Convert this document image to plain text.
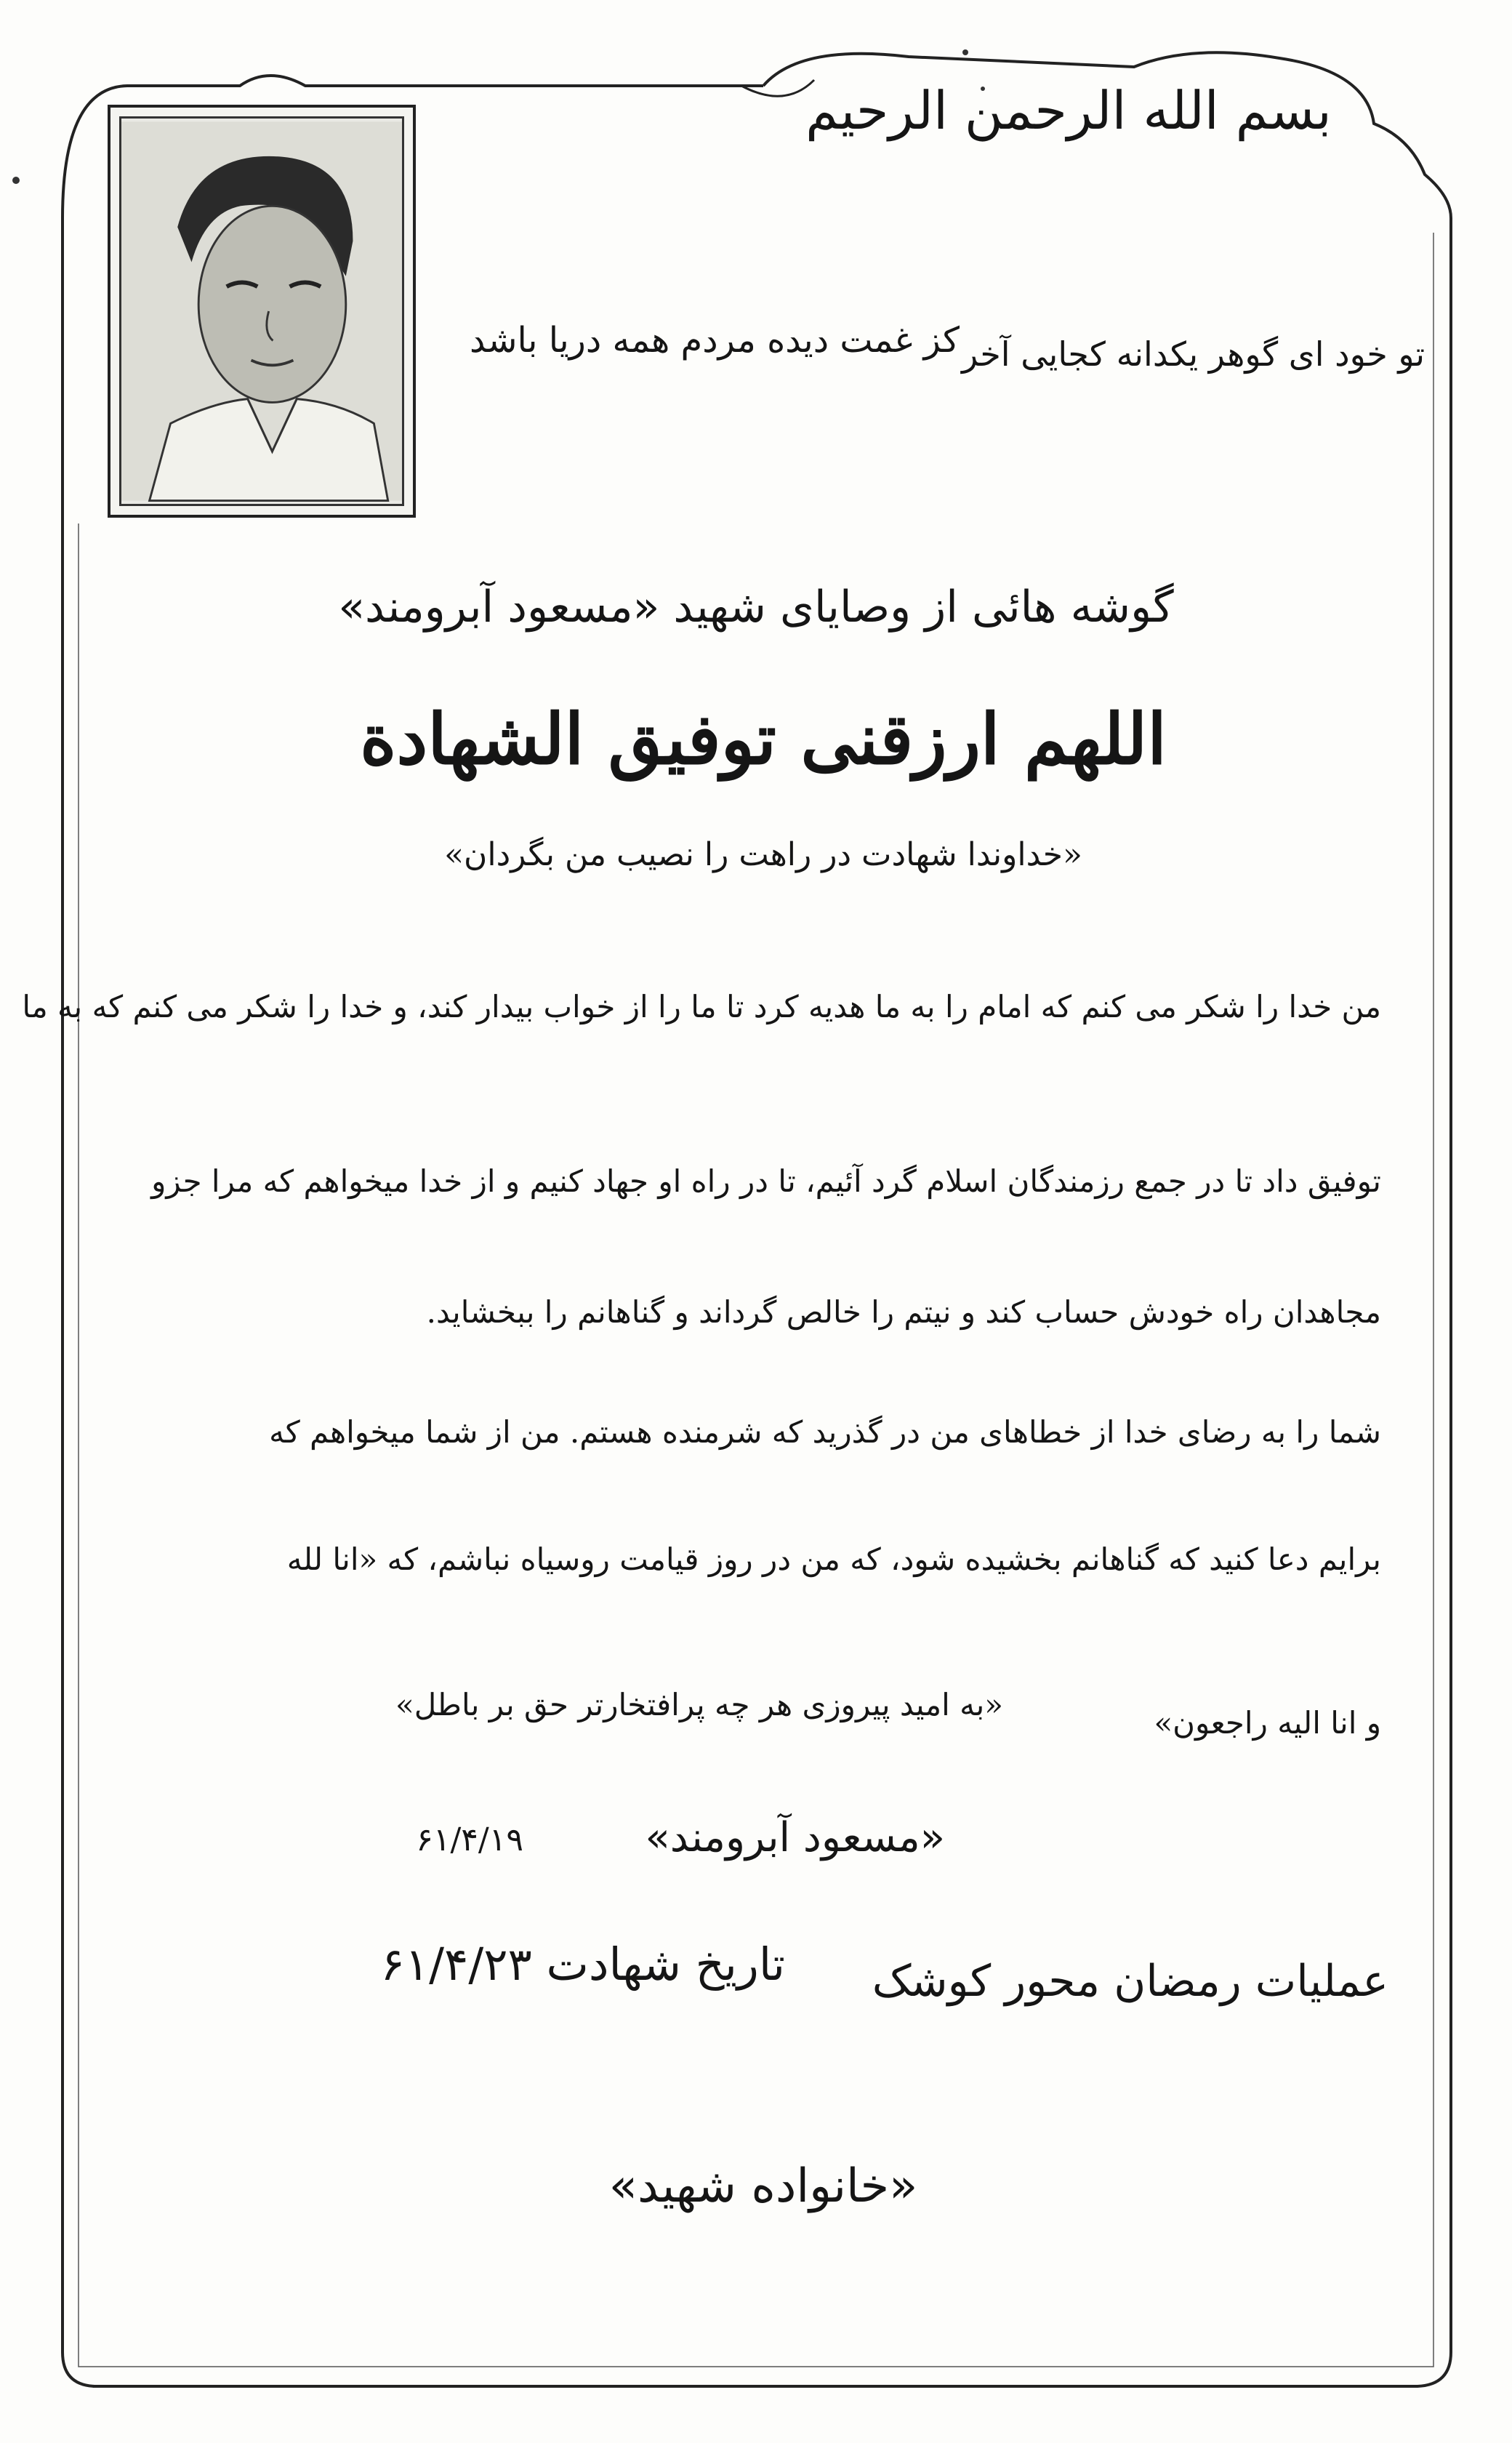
بسم الله الرحمن الرحیم
تو خود ای گوهر یکدانه کجایی آخر
کز غمت دیده مردم همه دریا باشد
گوشه هائی از وصایای شهید «مسعود آبرومند»
اللهم ارزقنی توفیق الشهادة
«خداوندا شهادت در راهت را نصیب من بگردان»
من خدا را شکر می کنم که امام را به ما هدیه کرد تا ما را از خواب بیدار کند، و خدا را شکر می کنم که به ما
توفیق داد تا در جمع رزمندگان اسلام گرد آئیم، تا در راه او جهاد کنیم و از خدا میخواهم که مرا جزو
مجاهدان راه خودش حساب کند و نیتم را خالص گرداند و گناهانم را ببخشاید.
شما را به رضای خدا از خطاهای من در گذرید که شرمنده هستم. من از شما میخواهم که
برایم دعا کنید که گناهانم بخشیده شود، که من در روز قیامت روسیاه نباشم، که «انا لله
و انا الیه راجعون»
«به امید پیروزی هر چه پرافتخارتر حق بر باطل»
«مسعود آبرومند»
۶۱/۴/۱۹
عملیات رمضان محور کوشک
تاریخ شهادت ۶۱/۴/۲۳
«خانواده شهید»
